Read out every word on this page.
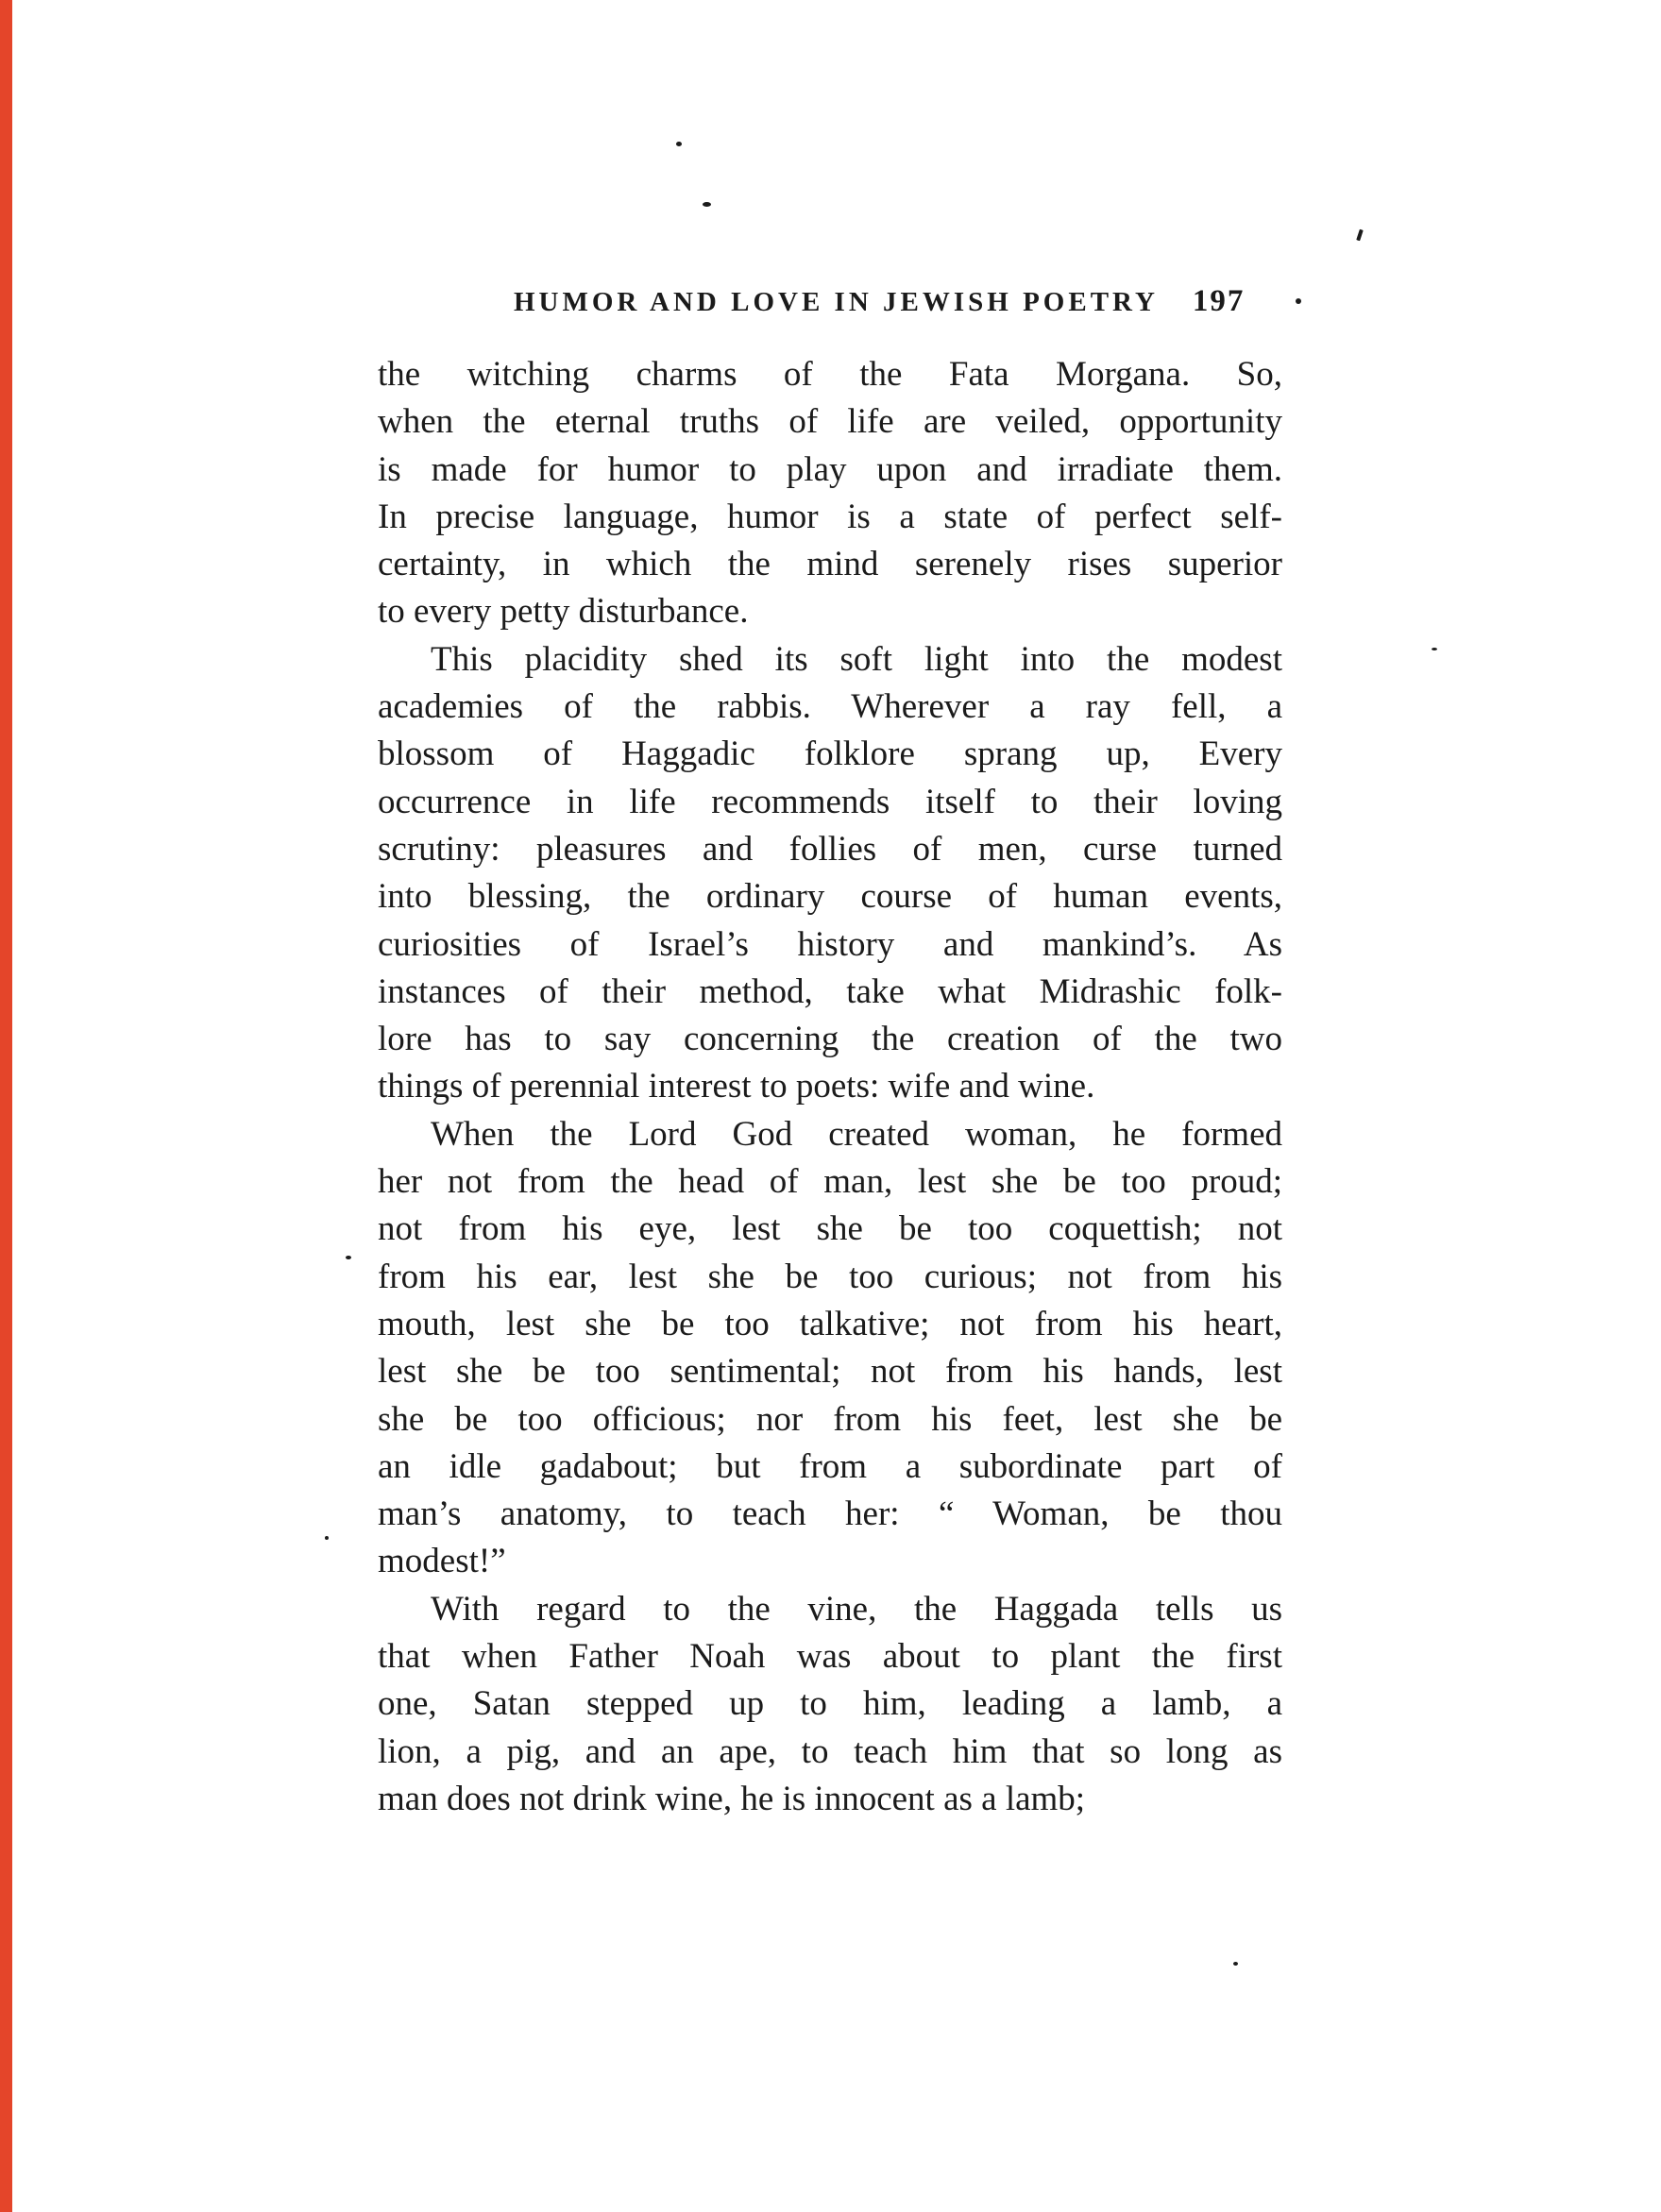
HUMOR AND LOVE IN JEWISH POETRY 197
the witching charms of the Fata Morgana. So,
when the eternal truths of life are veiled, opportunity
is made for humor to play upon and irradiate them.
In precise language, humor is a state of perfect self-
certainty, in which the mind serenely rises superior
to every petty disturbance.
This placidity shed its soft light into the modest
academies of the rabbis. Wherever a ray fell, a
blossom of Haggadic folklore sprang up, Every
occurrence in life recommends itself to their loving
scrutiny: pleasures and follies of men, curse turned
into blessing, the ordinary course of human events,
curiosities of Israel’s history and mankind’s. As
instances of their method, take what Midrashic folk-
lore has to say concerning the creation of the two
things of perennial interest to poets: wife and wine.
When the Lord God created woman, he formed
her not from the head of man, lest she be too proud;
not from his eye, lest she be too coquettish; not
from his ear, lest she be too curious; not from his
mouth, lest she be too talkative; not from his heart,
lest she be too sentimental; not from his hands, lest
she be too officious; nor from his feet, lest she be
an idle gadabout; but from a subordinate part of
man’s anatomy, to teach her: “ Woman, be thou
modest!”
With regard to the vine, the Haggada tells us
that when Father Noah was about to plant the first
one, Satan stepped up to him, leading a lamb, a
lion, a pig, and an ape, to teach him that so long as
man does not drink wine, he is innocent as a lamb;
